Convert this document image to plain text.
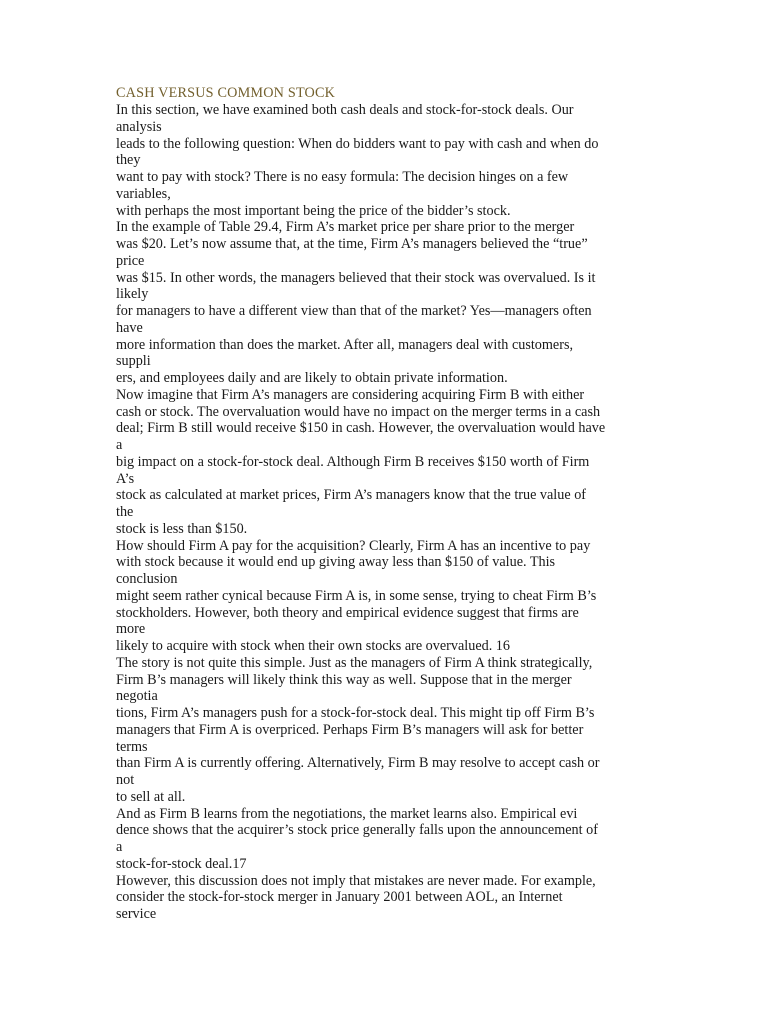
CASH VERSUS COMMON STOCK
In this section, we have examined both cash deals and stock-for-stock deals. Our
analysis
leads to the following question: When do bidders want to pay with cash and when do
they
want to pay with stock? There is no easy formula: The decision hinges on a few
variables,
with perhaps the most important being the price of the bidder’s stock.
In the example of Table 29.4, Firm A’s market price per share prior to the merger
was $20. Let’s now assume that, at the time, Firm A’s managers believed the “true”
price
was $15. In other words, the managers believed that their stock was overvalued. Is it
likely
for managers to have a different view than that of the market? Yes—managers often
have
more information than does the market. After all, managers deal with customers,
suppli
ers, and employees daily and are likely to obtain private information.
Now imagine that Firm A’s managers are considering acquiring Firm B with either
cash or stock. The overvaluation would have no impact on the merger terms in a cash
deal; Firm B still would receive $150 in cash. However, the overvaluation would have
a
big impact on a stock-for-stock deal. Although Firm B receives $150 worth of Firm
A’s
stock as calculated at market prices, Firm A’s managers know that the true value of
the
stock is less than $150.
How should Firm A pay for the acquisition? Clearly, Firm A has an incentive to pay
with stock because it would end up giving away less than $150 of value. This
conclusion
might seem rather cynical because Firm A is, in some sense, trying to cheat Firm B’s
stockholders. However, both theory and empirical evidence suggest that firms are
more
likely to acquire with stock when their own stocks are overvalued. 16
The story is not quite this simple. Just as the managers of Firm A think strategically,
Firm B’s managers will likely think this way as well. Suppose that in the merger
negotia
tions, Firm A’s managers push for a stock-for-stock deal. This might tip off Firm B’s
managers that Firm A is overpriced. Perhaps Firm B’s managers will ask for better
terms
than Firm A is currently offering. Alternatively, Firm B may resolve to accept cash or
not
to sell at all.
And as Firm B learns from the negotiations, the market learns also. Empirical evi
dence shows that the acquirer’s stock price generally falls upon the announcement of
a
stock-for-stock deal.17
However, this discussion does not imply that mistakes are never made. For example,
consider the stock-for-stock merger in January 2001 between AOL, an Internet
service
